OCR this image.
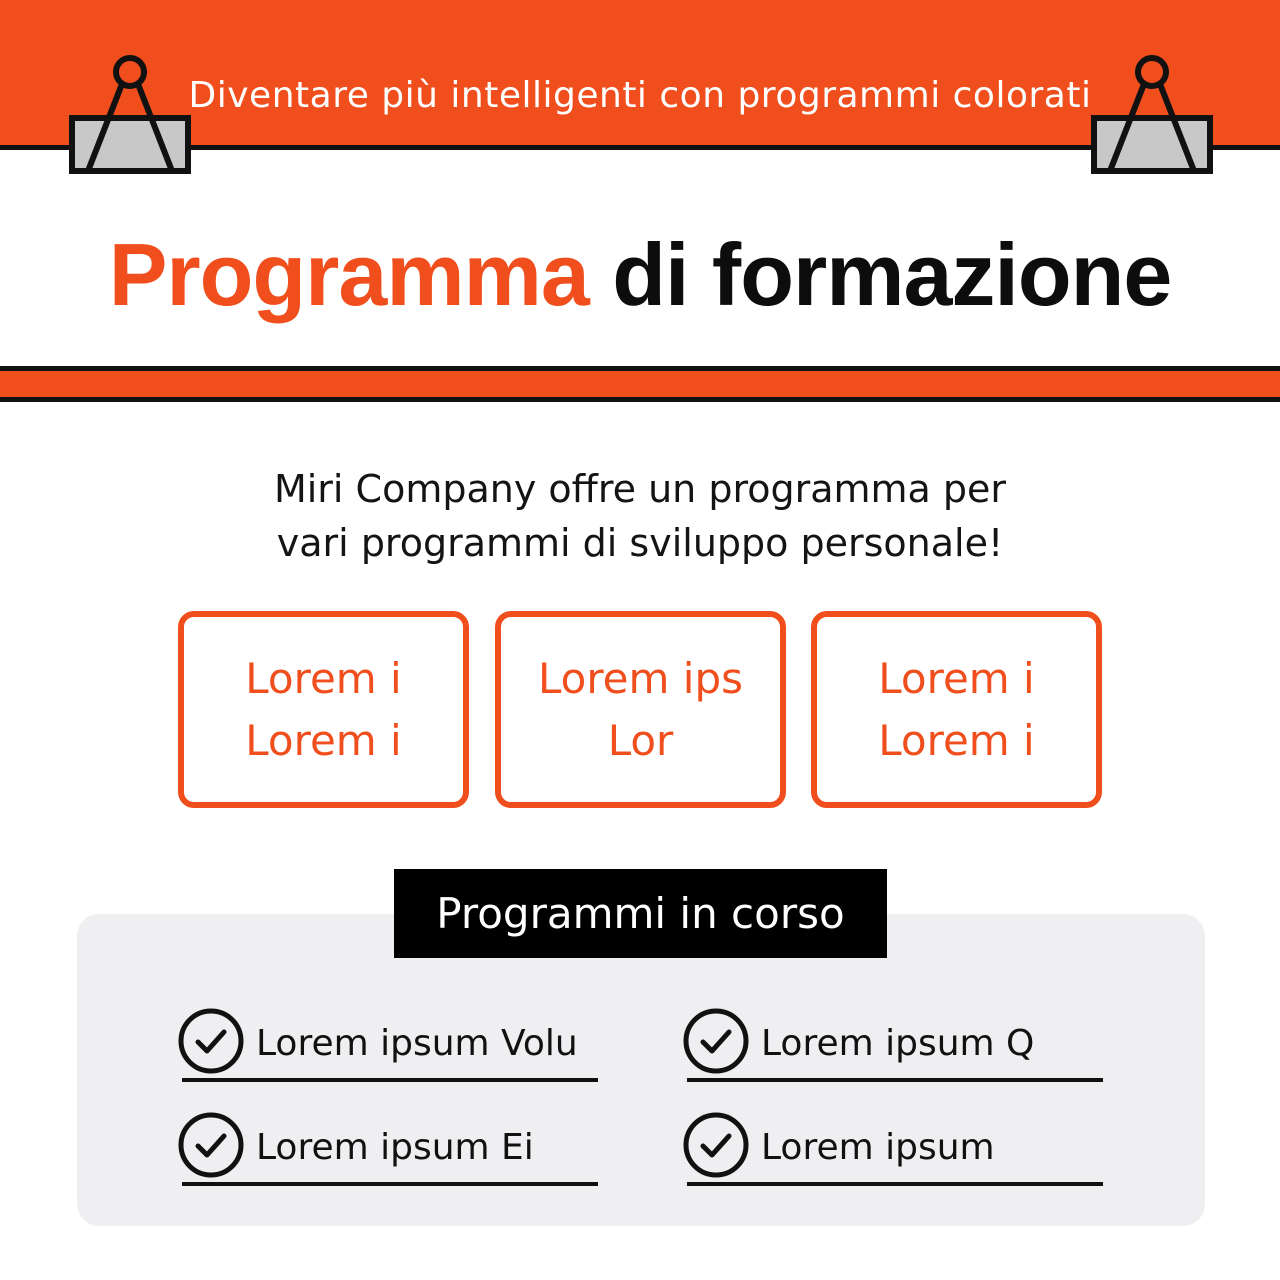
Diventare più intelligenti con programmi colorati
Programma di formazione
Miri Company offre un programma per
vari programmi di sviluppo personale!
Lorem i
Lorem i
Lorem ips
Lor
Lorem i
Lorem i
Programmi in corso
Lorem ipsum Volu	Lorem ipsum Q
Lorem ipsum Ei	Lorem ipsum
